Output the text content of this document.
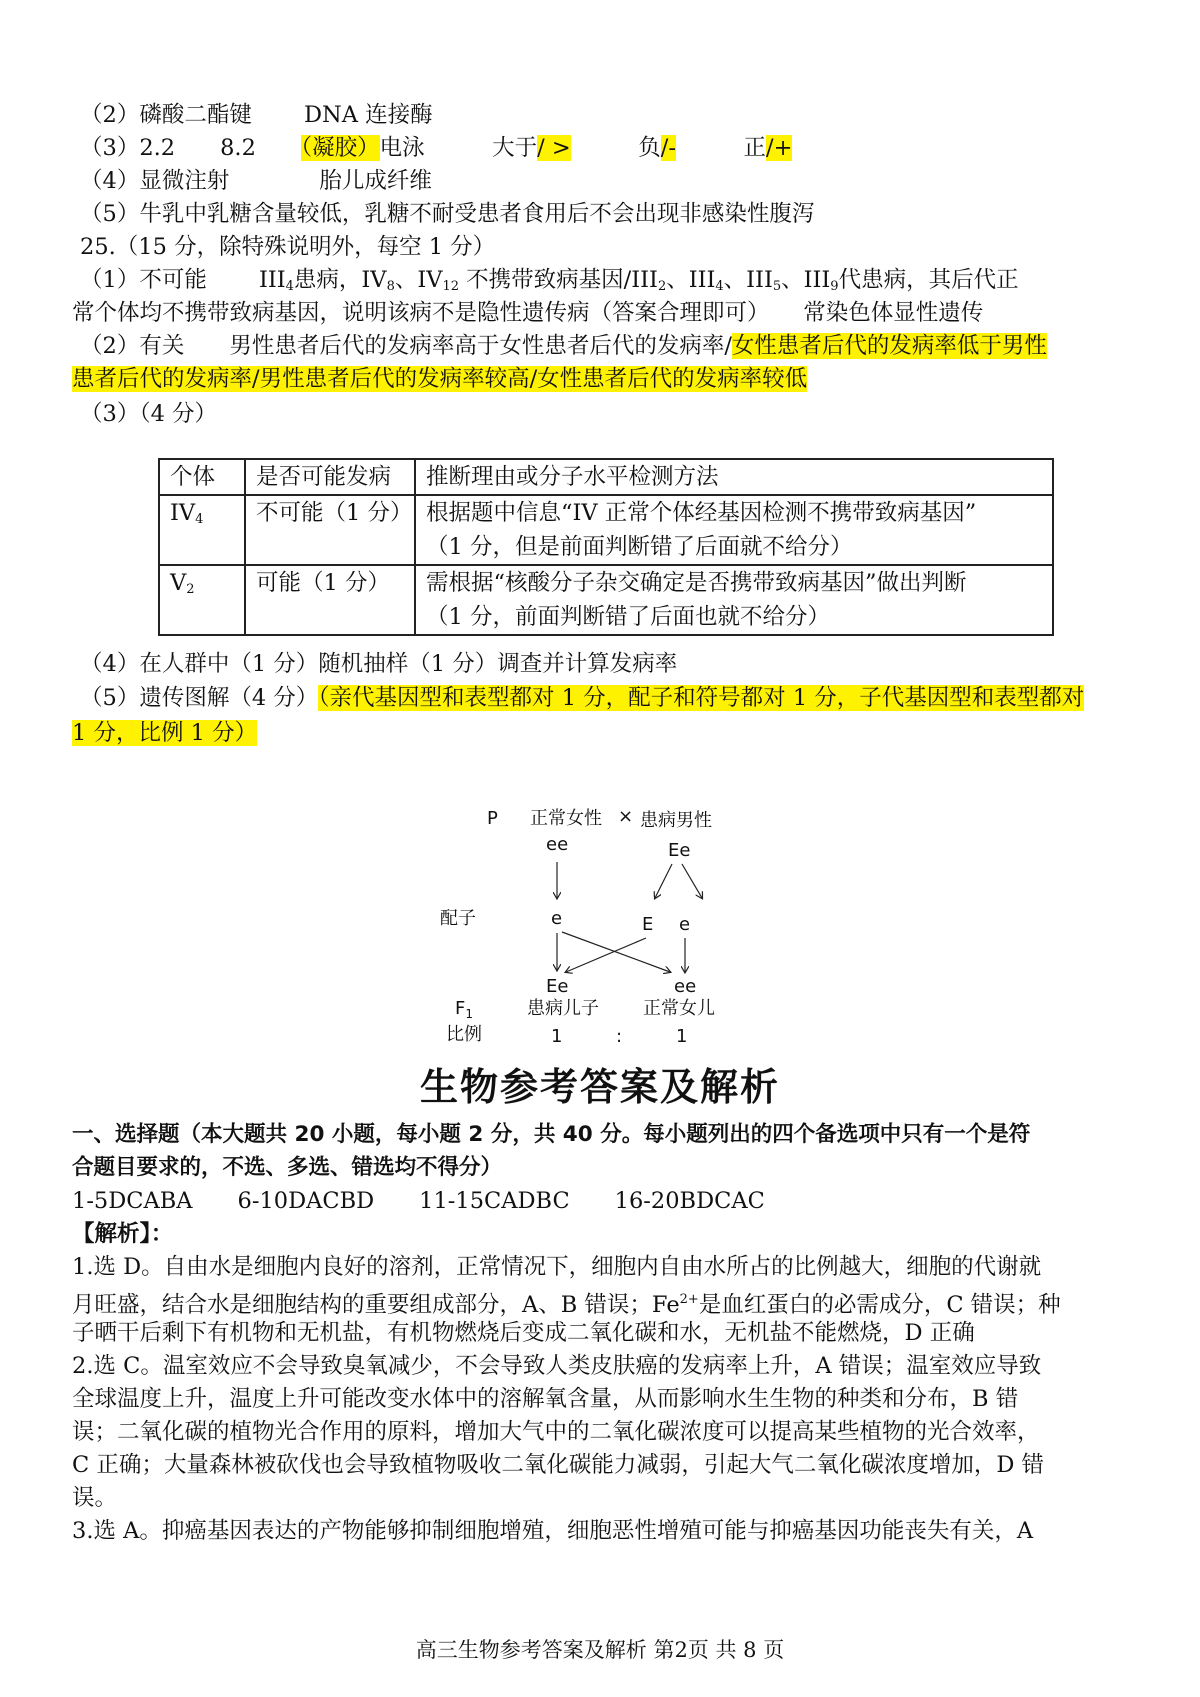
（2）磷酸二酯键　　 DNA 连接酶
（3）2.2　　8.2　　（凝胶）电泳　　　大于/ >　　　负/-　　　正/+
（4）显微注射　　　　胎儿成纤维
（5）牛乳中乳糖含量较低，乳糖不耐受患者食用后不会出现非感染性腹泻
25.（15 分，除特殊说明外，每空 1 分）
（1）不可能　　 $III_4$患病，$IV_8$、$IV_{12}$ 不携带致病基因$/III_2$、$III_4$、$III_5$、$III_9$代患病，其后代正
常个体均不携带致病基因，说明该病不是隐性遗传病（答案合理即可）　　常染色体显性遗传
（2）有关　　男性患者后代的发病率高于女性患者后代的发病率/女性患者后代的发病率低于男性
患者后代的发病率/男性患者后代的发病率较高/女性患者后代的发病率较低
（3）（4 分）
个体	是否可能发病	推断理由或分子水平检测方法
$IV_4$	不可能（1 分）	根据题中信息“IV 正常个体经基因检测不携带致病基因”
（1 分，但是前面判断错了后面就不给分）

$V_2$	可能（1 分）	需根据“核酸分子杂交确定是否携带致病基因”做出判断
（1 分，前面判断错了后面也就不给分）
（4）在人群中（1 分）随机抽样（1 分）调查并计算发病率
（5）遗传图解（4 分）（亲代基因型和表型都对 1 分，配子和符号都对 1 分，子代基因型和表型都对
1 分，比例 1 分）
P 正常女性 × 患病男性
ee	Ee
配子	e	E e
Ee	ee
$F_1$	患病儿子 正常女儿
比例	1	:	1
生物参考答案及解析
一、选择题（本大题共 20 小题，每小题 2 分，共 40 分。每小题列出的四个备选项中只有一个是符
合题目要求的，不选、多选、错选均不得分）
1-5DCABA　　6-10DACBD　　11-15CADBC　　16-20BDCAC
【解析】：
1.选 D。自由水是细胞内良好的溶剂，正常情况下，细胞内自由水所占的比例越大，细胞的代谢就
月旺盛，结合水是细胞结构的重要组成部分，A、B 错误；$Fe^{2+}$是血红蛋白的必需成分，C 错误；种
子晒干后剩下有机物和无机盐，有机物燃烧后变成二氧化碳和水，无机盐不能燃烧，D 正确
2.选 C。温室效应不会导致臭氧减少，不会导致人类皮肤癌的发病率上升，A 错误；温室效应导致
全球温度上升，温度上升可能改变水体中的溶解氧含量，从而影响水生生物的种类和分布，B 错
误；二氧化碳的植物光合作用的原料，增加大气中的二氧化碳浓度可以提高某些植物的光合效率，
C 正确；大量森林被砍伐也会导致植物吸收二氧化碳能力减弱，引起大气二氧化碳浓度增加，D 错
误。
3.选 A。抑癌基因表达的产物能够抑制细胞增殖，细胞恶性增殖可能与抑癌基因功能丧失有关，A
高三生物参考答案及解析 第2页 共 8 页
